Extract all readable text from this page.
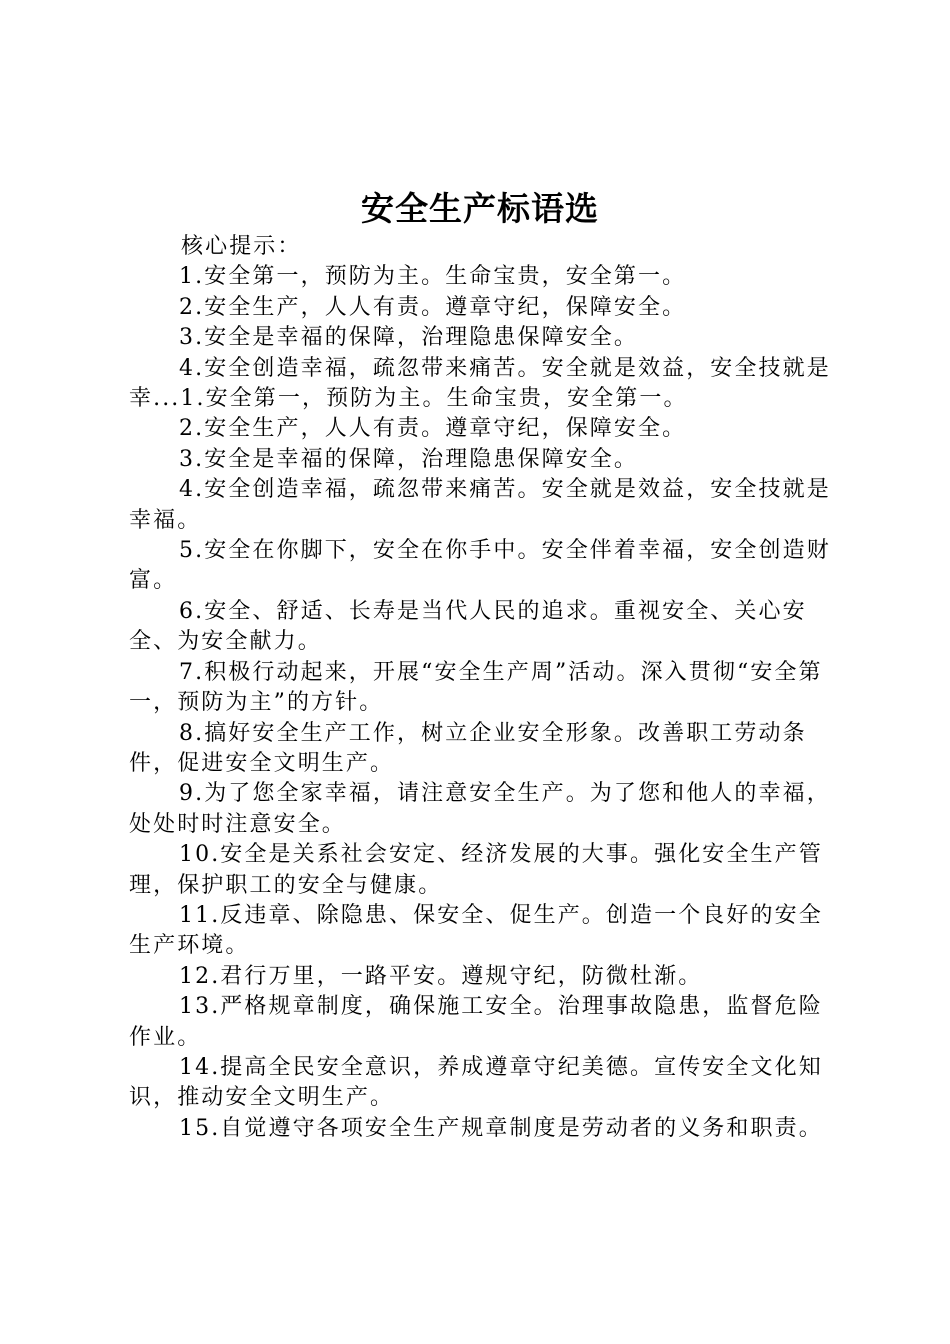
安全生产标语选

核心提示：

1.安全第一，预防为主。生命宝贵，安全第一。

2.安全生产，人人有责。遵章守纪，保障安全。

3.安全是幸福的保障，治理隐患保障安全。

4.安全创造幸福，疏忽带来痛苦。安全就是效益，安全技就是幸...1.安全第一，预防为主。生命宝贵，安全第一。

2.安全生产，人人有责。遵章守纪，保障安全。

3.安全是幸福的保障，治理隐患保障安全。

4.安全创造幸福，疏忽带来痛苦。安全就是效益，安全技就是幸福。

5.安全在你脚下，安全在你手中。安全伴着幸福，安全创造财富。

6.安全、舒适、长寿是当代人民的追求。重视安全、关心安全、为安全献力。

7.积极行动起来，开展“安全生产周”活动。深入贯彻“安全第一，预防为主”的方针。

8.搞好安全生产工作，树立企业安全形象。改善职工劳动条件，促进安全文明生产。

9.为了您全家幸福，请注意安全生产。为了您和他人的幸福，处处时时注意安全。

10.安全是关系社会安定、经济发展的大事。强化安全生产管理，保护职工的安全与健康。

11.反违章、除隐患、保安全、促生产。创造一个良好的安全生产环境。

12.君行万里，一路平安。遵规守纪，防微杜渐。

13.严格规章制度，确保施工安全。治理事故隐患，监督危险作业。

14.提高全民安全意识，养成遵章守纪美德。宣传安全文化知识，推动安全文明生产。

15.自觉遵守各项安全生产规章制度是劳动者的义务和职责。
